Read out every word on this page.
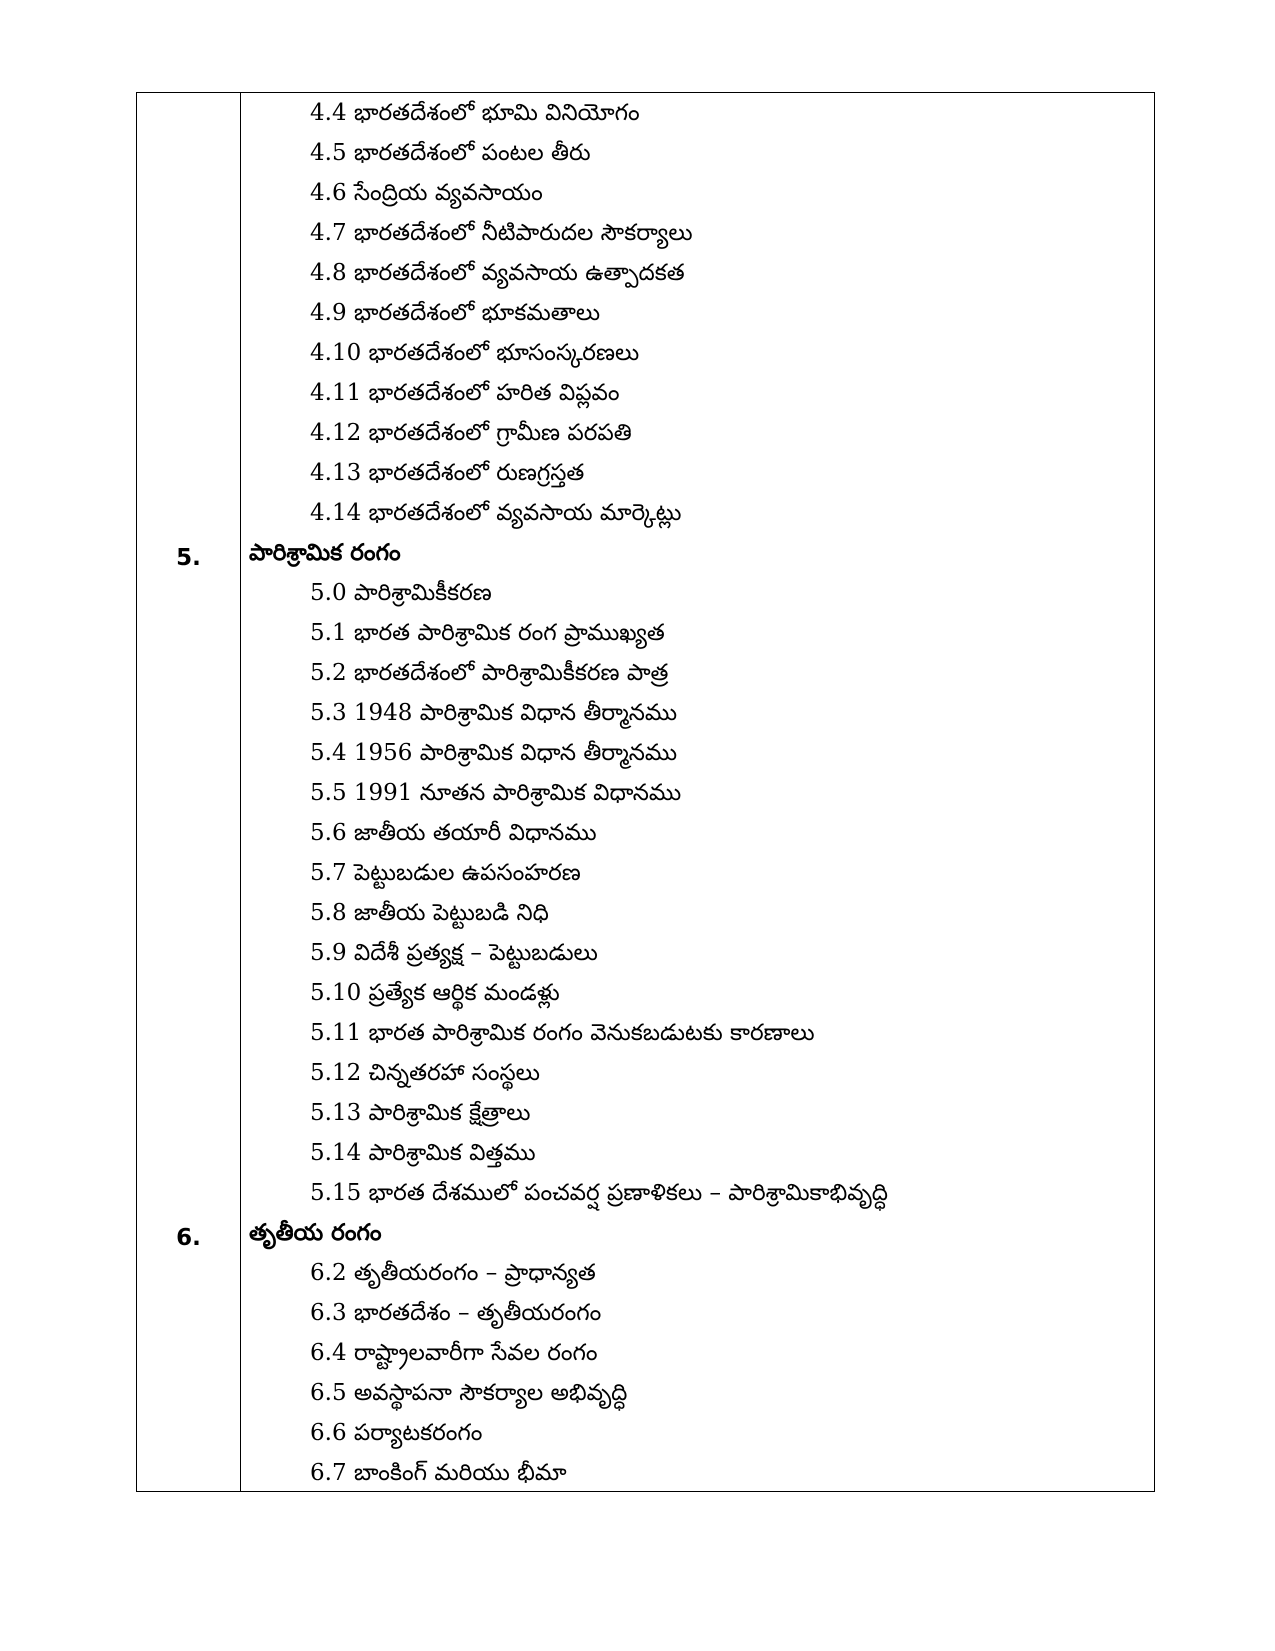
4.4 భారతదేశంలో భూమి వినియోగం
4.5 భారతదేశంలో పంటల తీరు
4.6 సేంద్రియ వ్యవసాయం
4.7 భారతదేశంలో నీటిపారుదల సౌకర్యాలు
4.8 భారతదేశంలో వ్యవసాయ ఉత్పాదకత
4.9 భారతదేశంలో భూకమతాలు
4.10 భారతదేశంలో భూసంస్కరణలు
4.11 భారతదేశంలో హరిత విప్లవం
4.12 భారతదేశంలో గ్రామీణ పరపతి
4.13 భారతదేశంలో రుణగ్రస్తత
4.14 భారతదేశంలో వ్యవసాయ మార్కెట్లు
5.	పారిశ్రామిక రంగం
5.0 పారిశ్రామికీకరణ
5.1 భారత పారిశ్రామిక రంగ ప్రాముఖ్యత
5.2 భారతదేశంలో పారిశ్రామికీకరణ పాత్ర
5.3 1948 పారిశ్రామిక విధాన తీర్మానము
5.4 1956 పారిశ్రామిక విధాన తీర్మానము
5.5 1991 నూతన పారిశ్రామిక విధానము
5.6 జాతీయ తయారీ విధానము
5.7 పెట్టుబడుల ఉపసంహరణ
5.8 జాతీయ పెట్టుబడి నిధి
5.9 విదేశీ ప్రత్యక్ష – పెట్టుబడులు
5.10 ప్రత్యేక ఆర్థిక మండళ్లు
5.11 భారత పారిశ్రామిక రంగం వెనుకబడుటకు కారణాలు
5.12 చిన్నతరహా సంస్థలు
5.13 పారిశ్రామిక క్షేత్రాలు
5.14 పారిశ్రామిక విత్తము
5.15 భారత దేశములో పంచవర్ష ప్రణాళికలు – పారిశ్రామికాభివృద్ధి
6.	తృతీయ రంగం
6.2 తృతీయరంగం – ప్రాధాన్యత
6.3 భారతదేశం – తృతీయరంగం
6.4 రాష్ట్రాలవారీగా సేవల రంగం
6.5 అవస్థాపనా సౌకర్యాల అభివృద్ధి
6.6 పర్యాటకరంగం
6.7 బాంకింగ్ మరియు భీమా
